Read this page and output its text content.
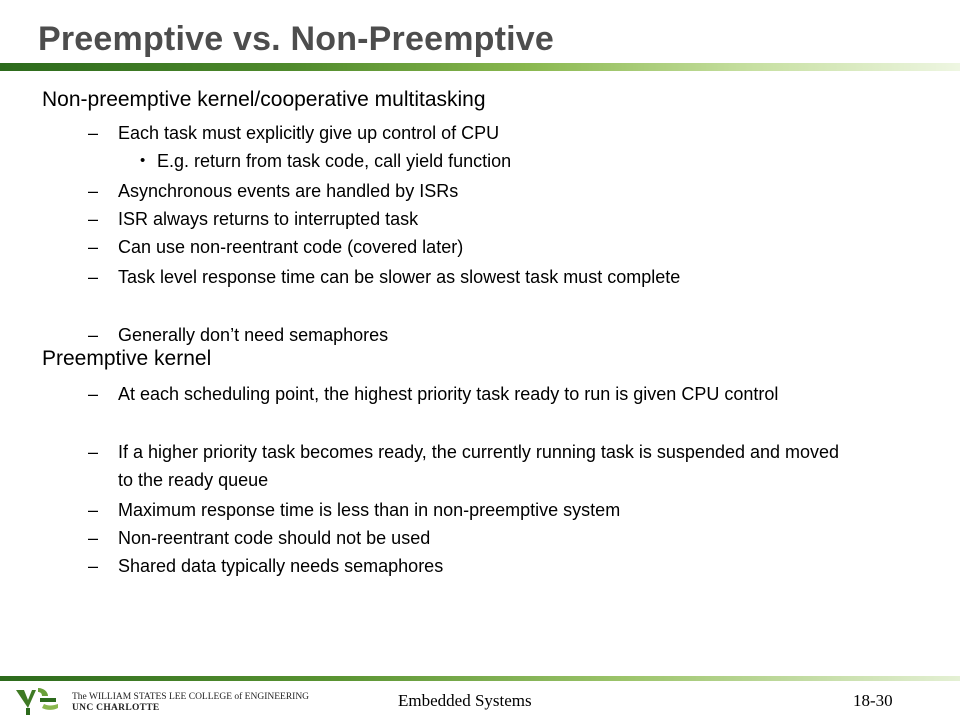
Preemptive vs. Non-Preemptive
Non-preemptive kernel/cooperative multitasking
– Each task must explicitly give up control of CPU
• E.g. return from task code, call yield function
– Asynchronous events are handled by ISRs
– ISR always returns to interrupted task
– Can use non-reentrant code (covered later)
– Task level response time can be slower as slowest task must complete
– Generally don’t need semaphores
Preemptive kernel
– At each scheduling point, the highest priority task ready to run is given CPU control
– If a higher priority task becomes ready, the currently running task is suspended and moved to the ready queue
– Maximum response time is less than in non-preemptive system
– Non-reentrant code should not be used
– Shared data typically needs semaphores
The WILLIAM STATES LEE COLLEGE of ENGINEERING
UNC CHARLOTTE	Embedded Systems	18-30
